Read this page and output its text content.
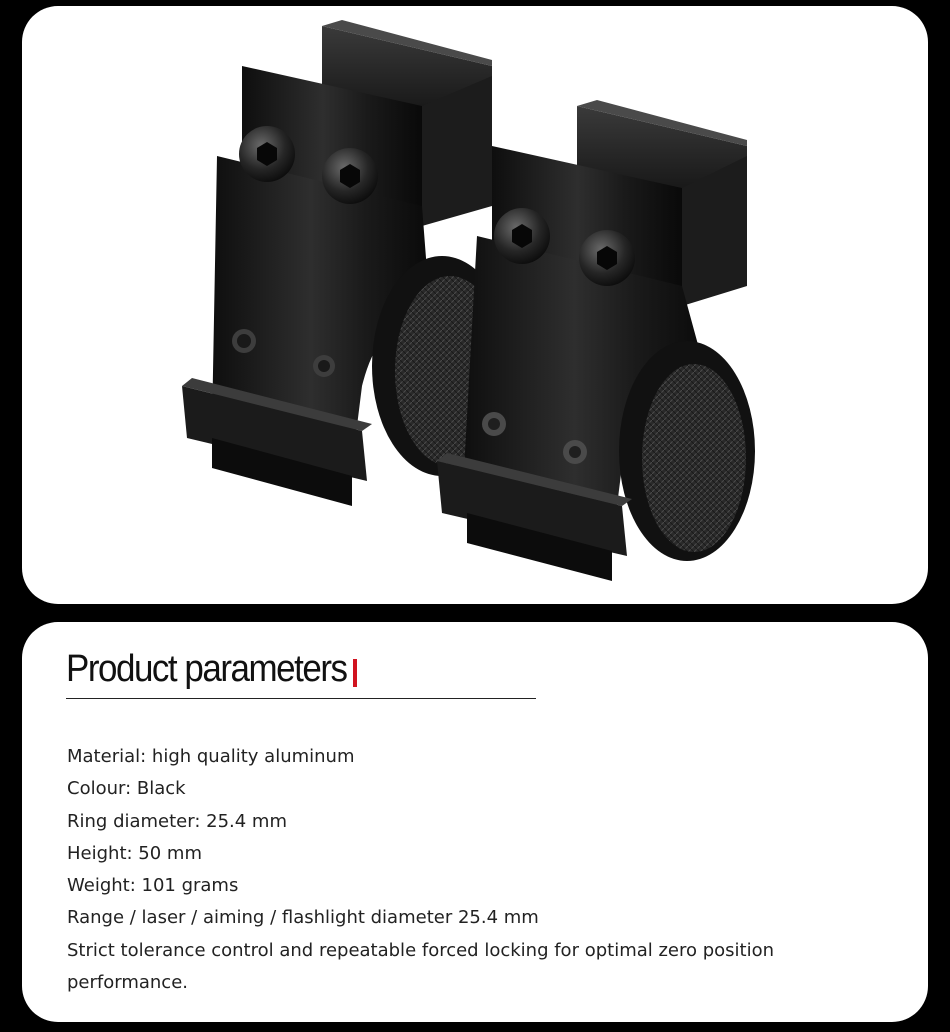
Product parameters
Material: high quality aluminum
Colour: Black
Ring diameter: 25.4 mm
Height: 50 mm
Weight: 101 grams
Range / laser / aiming / flashlight diameter 25.4 mm
Strict tolerance control and repeatable forced locking for optimal zero position
performance.
